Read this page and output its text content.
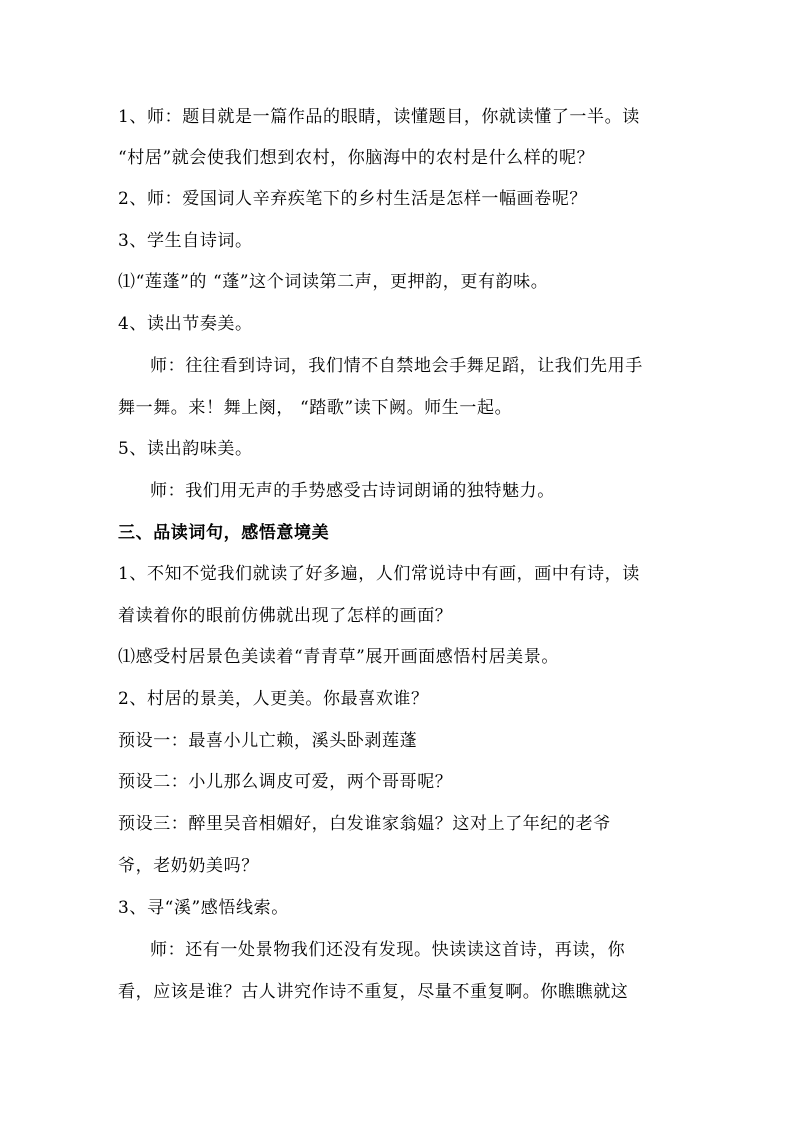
1、师：题目就是一篇作品的眼睛，读懂题目，你就读懂了一半。读
“村居”就会使我们想到农村，你脑海中的农村是什么样的呢？
2、师：爱国词人辛弃疾笔下的乡村生活是怎样一幅画卷呢？
3、学生自诗词。
⑴“莲蓬”的 “蓬”这个词读第二声，更押韵，更有韵味。
4、读出节奏美。
师：往往看到诗词，我们情不自禁地会手舞足蹈，让我们先用手
舞一舞。来！舞上阕， “踏歌”读下阙。师生一起。
5、读出韵味美。
师：我们用无声的手势感受古诗词朗诵的独特魅力。
三、品读词句，感悟意境美
1、不知不觉我们就读了好多遍，人们常说诗中有画，画中有诗，读
着读着你的眼前仿佛就出现了怎样的画面？
⑴感受村居景色美读着“青青草”展开画面感悟村居美景。
2、村居的景美，人更美。你最喜欢谁？
预设一：最喜小儿亡赖，溪头卧剥莲蓬
预设二：小儿那么调皮可爱，两个哥哥呢？
预设三：醉里吴音相媚好，白发谁家翁媪？这对上了年纪的老爷
爷，老奶奶美吗？
3、寻“溪”感悟线索。
师：还有一处景物我们还没有发现。快读读这首诗，再读，你
看，应该是谁？古人讲究作诗不重复，尽量不重复啊。你瞧瞧就这
